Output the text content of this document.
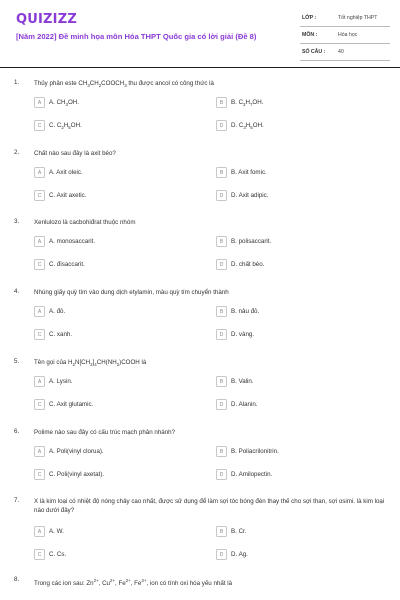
QUIZIZZ
[Năm 2022] Đề minh họa môn Hóa THPT Quốc gia có lời giải (Đề 8)
LỚP :	Tốt nghiệp THPT
MÔN :	Hóa học
SỐ CÂU : 40
1. Thủy phân este $CH_3CH_2COOCH_3$ thu được ancol có công thức là
A	A. $CH_3OH$.	B	B. $C_3H_7OH$.
C	C. $C_2H_5OH$.	D	D. $C_3H_5OH$.
2. Chất nào sau đây là axit béo?
A	A. Axit oleic.	B	B. Axit fomic.
C	C. Axit axetic.	D	D. Axit adipic.
3. Xenlulozo là cacbohiđrat thuộc nhóm
A	A. monosaccarit.	B	B. polisaccarit.
C	C. đisaccarit.	D	D. chất béo.
4. Nhúng giấy quỳ tím vào dung dịch etylamin, màu quỳ tím chuyển thành
A	A. đỏ.	B	B. nâu đỏ.
C	C. xanh.	D	D. vàng.
5. Tên gọi của $H_2N[CH_2]_4CH(NH_2)COOH$ là
A	A. Lysin.	B	B. Valin.
C	C. Axit glutamic.	D	D. Alanin.
6. Polime nào sau đây có cấu trúc mạch phân nhánh?
A	A. Poli(vinyl clorua).	B	B. Poliacrilonitrin.
C	C. Poli(vinyl axetat).	D	D. Amilopectin.
7. X là kim loại có nhiệt độ nóng chảy cao nhất, được sử dụng để làm sợi tóc bóng đèn thay thế cho sợi than, sợi osimi. là kim loại nào dưới đây?
A	A. W.	B	B. Cr.
C	C. Cs.	D	D. Ag.
8.
Trong các ion sau: $Zn^{2+}$, $Cu^{2+}$, $Fe^{2+}$, $Fe^{3+}$, ion có tính oxi hóa yếu nhất là
